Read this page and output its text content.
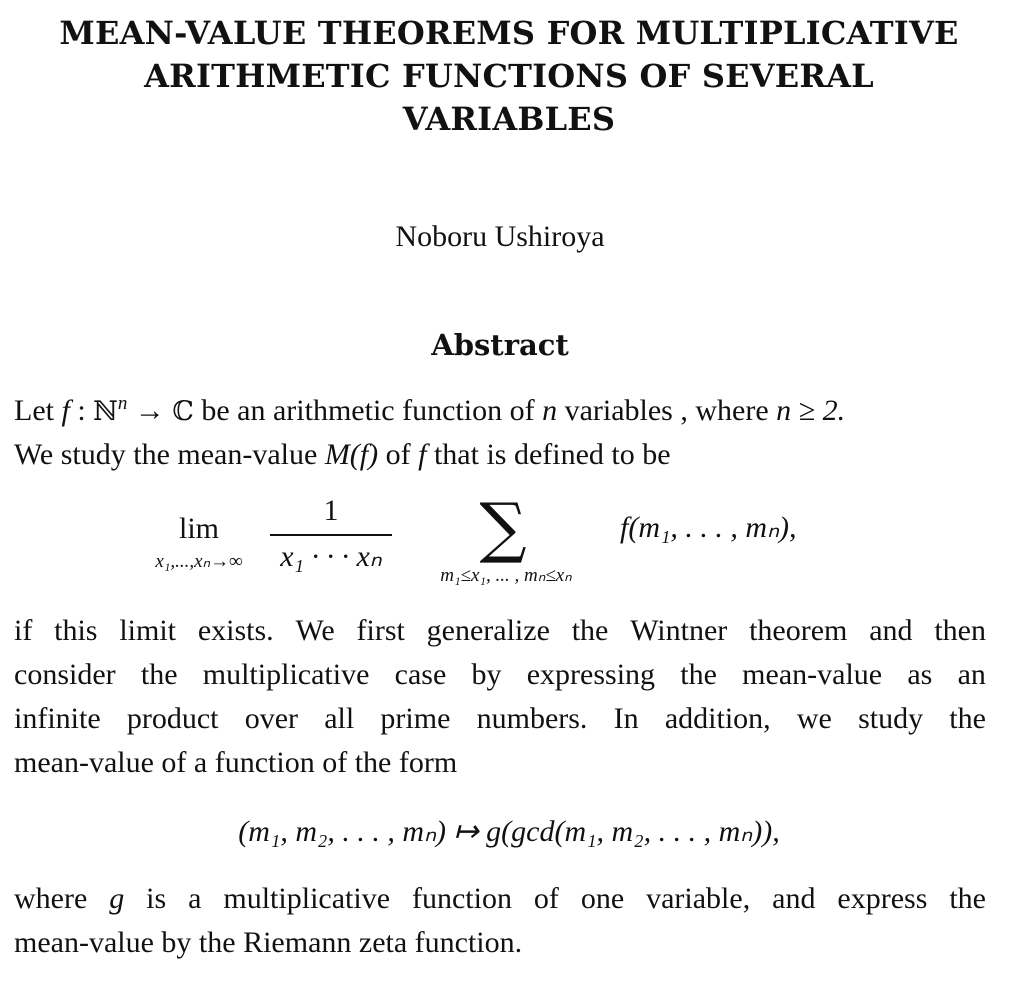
MEAN-VALUE THEOREMS FOR MULTIPLICATIVE
ARITHMETIC FUNCTIONS OF SEVERAL
VARIABLES
Noboru Ushiroya
Abstract
Let f : ℕ$^n$ → ℂ be an arithmetic function of n variables , where n ≥ 2.
We study the mean-value M(f) of f that is defined to be
lim
x₁,...,xₙ→∞
1
x₁ · · · xₙ ∑
m₁≤x₁, ... , mₙ≤xₙ
f(m₁, . . . , mₙ),
if this limit exists. We first generalize the Wintner theorem and then
consider the multiplicative case by expressing the mean-value as an
infinite product over all prime numbers. In addition, we study the
mean-value of a function of the form
(m₁, m₂, . . . , mₙ) ↦ g(gcd(m₁, m₂, . . . , mₙ)),
where g is a multiplicative function of one variable, and express the
mean-value by the Riemann zeta function.
